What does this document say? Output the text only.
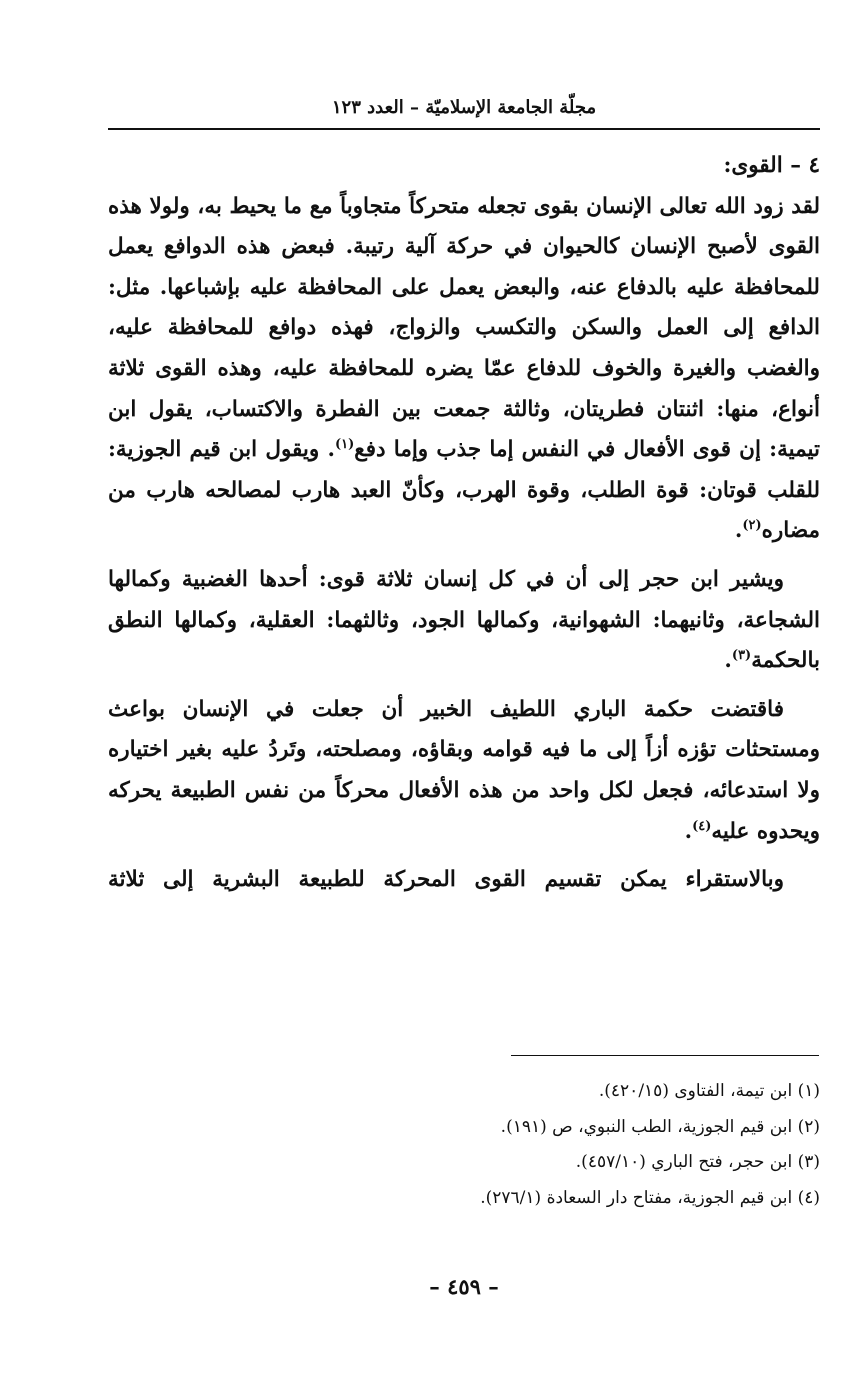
مجلّة الجامعة الإسلاميّة – العدد ١٢٣

٤ – القوى:

لقد زود الله تعالى الإنسان بقوى تجعله متحركاً متجاوباً مع ما يحيط به، ولولا هذه القوى لأصبح الإنسان كالحيوان في حركة آلية رتيبة. فبعض هذه الدوافع يعمل للمحافظة عليه بالدفاع عنه، والبعض يعمل على المحافظة عليه بإشباعها. مثل: الدافع إلى العمل والسكن والتكسب والزواج، فهذه دوافع للمحافظة عليه، والغضب والغيرة والخوف للدفاع عمّا يضره للمحافظة عليه، وهذه القوى ثلاثة أنواع، منها: اثنتان فطريتان، وثالثة جمعت بين الفطرة والاكتساب، يقول ابن تيمية: إن قوى الأفعال في النفس إما جذب وإما دفع$^{(١)}$. ويقول ابن قيم الجوزية: للقلب قوتان: قوة الطلب، وقوة الهرب، وكأنّ العبد هارب لمصالحه هارب من مضاره$^{(٢)}$.

ويشير ابن حجر إلى أن في كل إنسان ثلاثة قوى: أحدها الغضبية وكمالها الشجاعة، وثانيهما: الشهوانية، وكمالها الجود، وثالثهما: العقلية، وكمالها النطق بالحكمة$^{(٣)}$.

فاقتضت حكمة الباري اللطيف الخبير أن جعلت في الإنسان بواعث ومستحثات تؤزه أزاً إلى ما فيه قوامه وبقاؤه، ومصلحته، وتَردُ عليه بغير اختياره ولا استدعائه، فجعل لكل واحد من هذه الأفعال محركاً من نفس الطبيعة يحركه ويحدوه عليه$^{(٤)}$.

وبالاستقراء يمكن تقسيم القوى المحركة للطبيعة البشرية إلى ثلاثة

(١) ابن تيمة، الفتاوى (٤٢٠/١٥).

(٢) ابن قيم الجوزية، الطب النبوي، ص (١٩١).

(٣) ابن حجر، فتح الباري (٤٥٧/١٠).

(٤) ابن قيم الجوزية، مفتاح دار السعادة (٢٧٦/١).

– ٤٥٩ –
